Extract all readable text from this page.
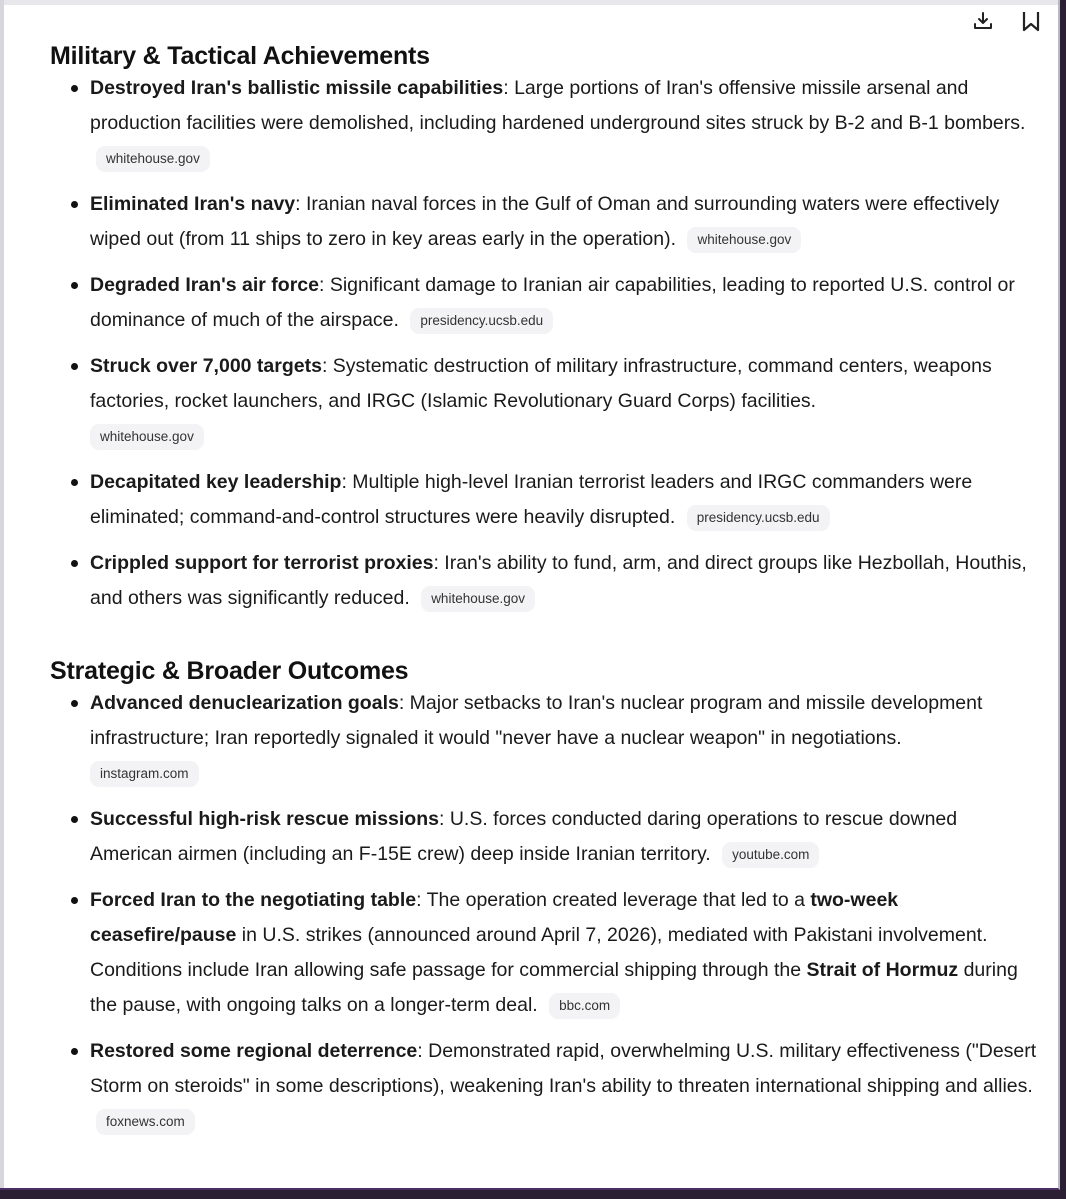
Military & Tactical Achievements
Destroyed Iran's ballistic missile capabilities: Large portions of Iran's offensive missile arsenal and production facilities were demolished, including hardened underground sites struck by B-2 and B-1 bombers. whitehouse.gov
Eliminated Iran's navy: Iranian naval forces in the Gulf of Oman and surrounding waters were effectively wiped out (from 11 ships to zero in key areas early in the operation). whitehouse.gov
Degraded Iran's air force: Significant damage to Iranian air capabilities, leading to reported U.S. control or dominance of much of the airspace. presidency.ucsb.edu
Struck over 7,000 targets: Systematic destruction of military infrastructure, command centers, weapons factories, rocket launchers, and IRGC (Islamic Revolutionary Guard Corps) facilities.
whitehouse.gov
Decapitated key leadership: Multiple high-level Iranian terrorist leaders and IRGC commanders were eliminated; command-and-control structures were heavily disrupted. presidency.ucsb.edu
Crippled support for terrorist proxies: Iran's ability to fund, arm, and direct groups like Hezbollah, Houthis, and others was significantly reduced. whitehouse.gov
Strategic & Broader Outcomes
Advanced denuclearization goals: Major setbacks to Iran's nuclear program and missile development infrastructure; Iran reportedly signaled it would "never have a nuclear weapon" in negotiations.
instagram.com
Successful high-risk rescue missions: U.S. forces conducted daring operations to rescue downed American airmen (including an F-15E crew) deep inside Iranian territory. youtube.com
Forced Iran to the negotiating table: The operation created leverage that led to a two-week ceasefire/pause in U.S. strikes (announced around April 7, 2026), mediated with Pakistani involvement. Conditions include Iran allowing safe passage for commercial shipping through the Strait of Hormuz during the pause, with ongoing talks on a longer-term deal. bbc.com
Restored some regional deterrence: Demonstrated rapid, overwhelming U.S. military effectiveness ("Desert Storm on steroids" in some descriptions), weakening Iran's ability to threaten international shipping and allies. foxnews.com
